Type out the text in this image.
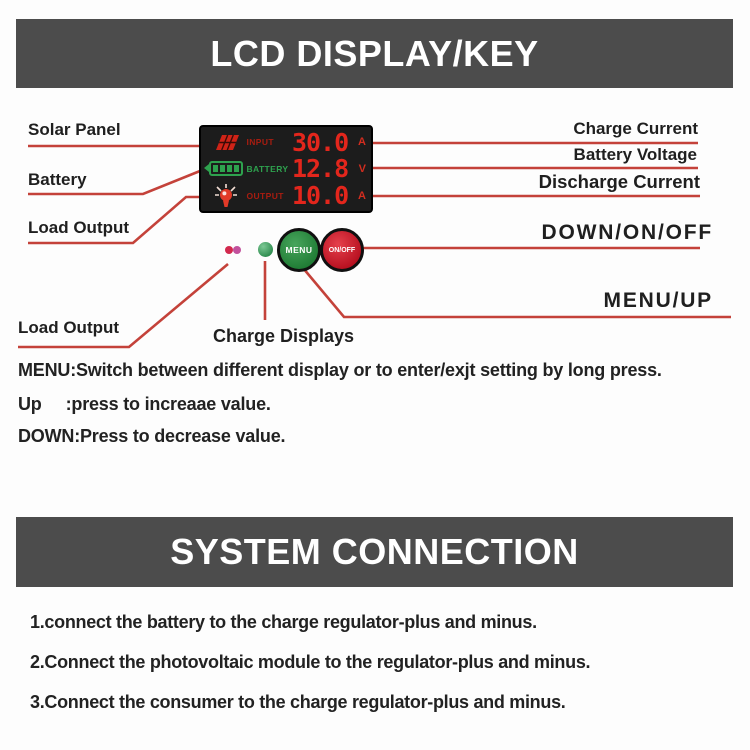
LCD DISPLAY/KEY
INPUT 30.0 A
BATTERY 12.8 V
OUTPUT 10.0 A
MENU ON/OFF
Solar Panel
Battery
Load Output
Load Output	Charge Displays
Charge Current
Battery Voltage
Discharge Current
DOWN/ON/OFF
MENU/UP
MENU:Switch between different display or to enter/exjt setting by long press.
Up     :press to increaae value.
DOWN:Press to decrease value.
SYSTEM CONNECTION
1.connect the battery to the charge regulator-plus and minus.
2.Connect the photovoltaic module to the regulator-plus and minus.
3.Connect the consumer to the charge regulator-plus and minus.
